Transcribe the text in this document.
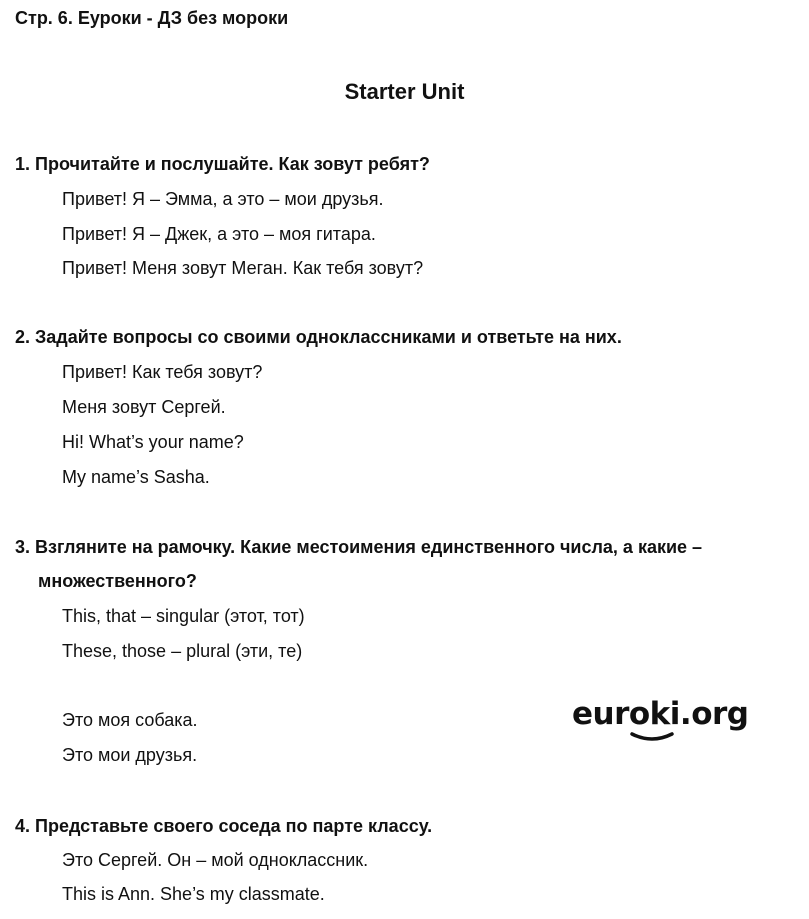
Стр. 6. Еуроки - ДЗ без мороки
Starter Unit
1. Прочитайте и послушайте. Как зовут ребят?
Привет! Я – Эмма, а это – мои друзья.
Привет! Я – Джек, а это – моя гитара.
Привет! Меня зовут Меган. Как тебя зовут?
2. Задайте вопросы со своими одноклассниками и ответьте на них.
Привет! Как тебя зовут?
Меня зовут Сергей.
Hi! What’s your name?
My name’s Sasha.
3. Взгляните на рамочку. Какие местоимения единственного числа, а какие –
множественного?
This, that – singular (этот, тот)
These, those – plural (эти, те)
Это моя собака.
Это мои друзья.
4. Представьте своего соседа по парте классу.
Это Сергей. Он – мой одноклассник.
This is Ann. She’s my classmate.
euroki.org
